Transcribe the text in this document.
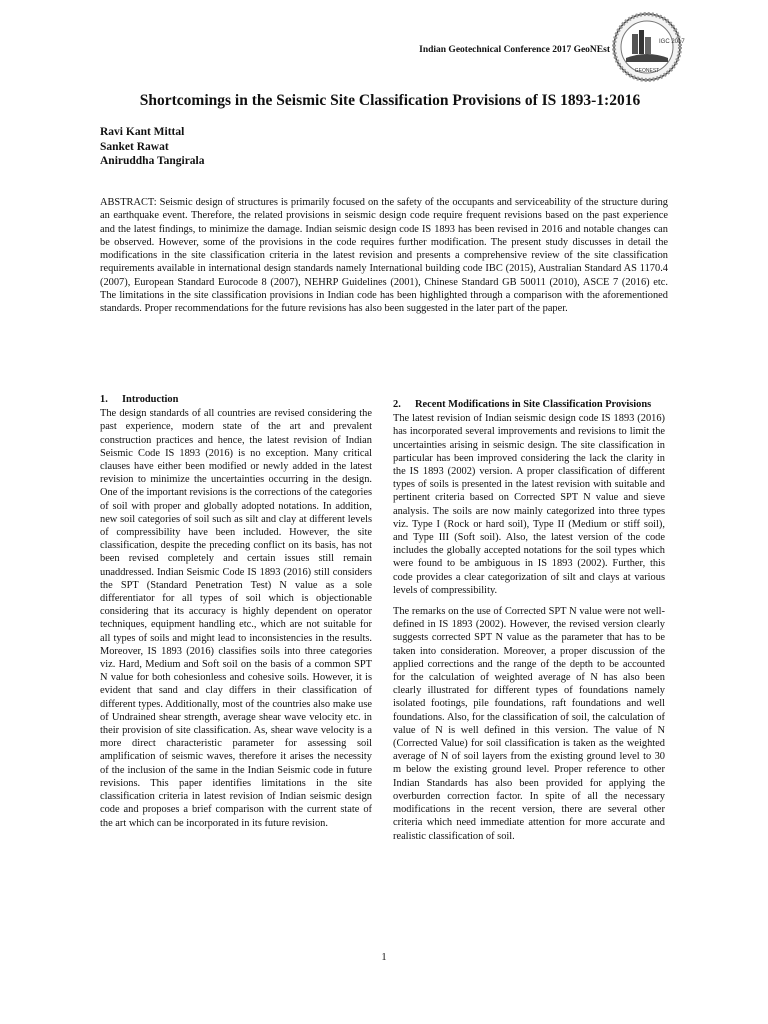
Indian Geotechnical Conference 2017 GeoNEst
IGC 2017
GEONEST
Shortcomings in the Seismic Site Classification Provisions of IS 1893-1:2016
Ravi Kant Mittal
Sanket Rawat
Aniruddha Tangirala
ABSTRACT: Seismic design of structures is primarily focused on the safety of the occupants and serviceability of the structure during an earthquake event. Therefore, the related provisions in seismic design code require frequent revisions based on the past experience and the latest findings, to minimize the damage. Indian seismic design code IS 1893 has been revised in 2016 and notable changes can be observed. However, some of the provisions in the code requires further modification. The present study discusses in detail the modifications in the site classification criteria in the latest revision and presents a comprehensive review of the site classification requirements available in international design standards namely International building code IBC (2015), Australian Standard AS 1170.4 (2007), European Standard Eurocode 8 (2007), NEHRP Guidelines (2001), Chinese Standard GB 50011 (2010), ASCE 7 (2016) etc. The limitations in the site classification provisions in Indian code has been highlighted through a comparison with the aforementioned standards. Proper recommendations for the future revisions has also been suggested in the later part of the paper.
1.	Introduction

The design standards of all countries are revised considering the past experience, modern state of the art and prevalent construction practices and hence, the latest revision of Indian Seismic Code IS 1893 (2016) is no exception. Many critical clauses have either been modified or newly added in the latest revision to minimize the uncertainties occurring in the design. One of the important revisions is the corrections of the categories of soil with proper and globally adopted notations. In addition, new soil categories of soil such as silt and clay at different levels of compressibility have been included. However, the site classification, despite the preceding conflict on its basis, has not been revised completely and certain issues still remain unaddressed. Indian Seismic Code IS 1893 (2016) still considers the SPT (Standard Penetration Test) N value as a sole differentiator for all types of soil which is objectionable considering that its accuracy is highly dependent on operator techniques, equipment handling etc., which are not suitable for all types of soils and might lead to inconsistencies in the results. Moreover, IS 1893 (2016) classifies soils into three categories viz. Hard, Medium and Soft soil on the basis of a common SPT N value for both cohesionless and cohesive soils. However, it is evident that sand and clay differs in their classification of different types. Additionally, most of the countries also make use of Undrained shear strength, average shear wave velocity etc. in their provision of site classification. As, shear wave velocity is a more direct characteristic parameter for assessing soil amplification of seismic waves, therefore it arises the necessity of the inclusion of the same in the Indian Seismic code in future revisions. This paper identifies limitations in the site classification criteria in latest revision of Indian seismic design code and proposes a brief comparison with the current state of the art which can be incorporated in its future revision.

2.	Recent Modifications in Site Classification Provisions

The latest revision of Indian seismic design code IS 1893 (2016) has incorporated several improvements and revisions to limit the uncertainties arising in seismic design. The site classification in particular has been improved considering the lack the clarity in the IS 1893 (2002) version. A proper classification of different types of soils is presented in the latest revision with suitable and pertinent criteria based on Corrected SPT N value and sieve analysis. The soils are now mainly categorized into three types viz. Type I (Rock or hard soil), Type II (Medium or stiff soil), and Type III (Soft soil). Also, the latest version of the code includes the globally accepted notations for the soil types which were found to be ambiguous in IS 1893 (2002). Further, this code provides a clear categorization of silt and clays at various levels of compressibility.

The remarks on the use of Corrected SPT N value were not well-defined in IS 1893 (2002). However, the revised version clearly suggests corrected SPT N value as the parameter that has to be taken into consideration. Moreover, a proper discussion of the applied corrections and the range of the depth to be accounted for the calculation of weighted average of N has also been clearly illustrated for different types of foundations namely isolated footings, pile foundations, raft foundations and well foundations. Also, for the classification of soil, the calculation of value of N is well defined in this version. The value of N (Corrected Value) for soil classification is taken as the weighted average of N of soil layers from the existing ground level to 30 m below the existing ground level. Proper reference to other Indian Standards has also been provided for applying the overburden correction factor. In spite of all the necessary modifications in the recent version, there are several other criteria which need immediate attention for more accurate and realistic classification of soil.

1
